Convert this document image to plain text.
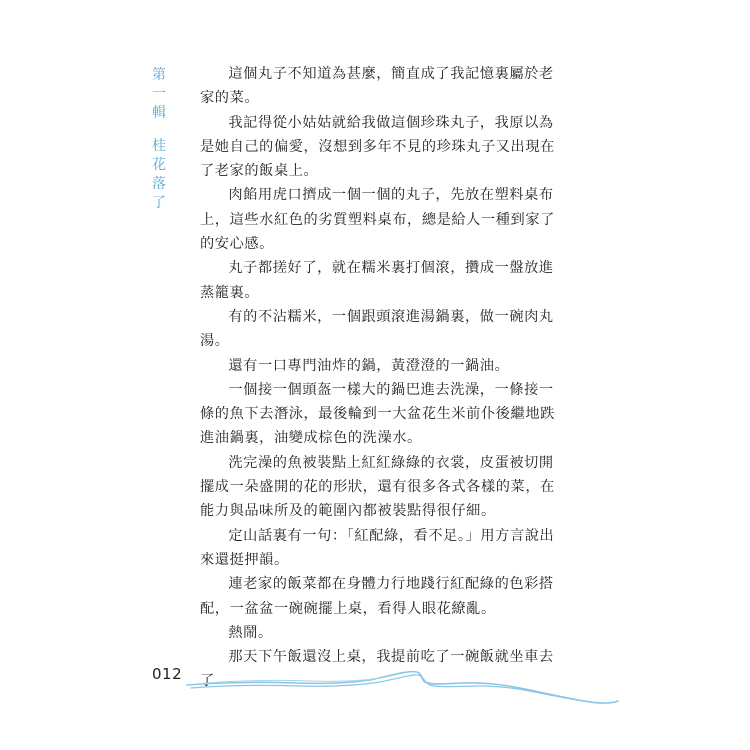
第
一
輯
桂
花
落
了

這個丸子不知道為甚麼，簡直成了我記憶裏屬於老家的菜。

我記得從小姑姑就給我做這個珍珠丸子，我原以為是她自己的偏愛，沒想到多年不見的珍珠丸子又出現在了老家的飯桌上。

肉餡用虎口擠成一個一個的丸子，先放在塑料桌布上，這些水紅色的劣質塑料桌布，總是給人一種到家了的安心感。

丸子都搓好了，就在糯米裏打個滾，攢成一盤放進蒸籠裏。

有的不沾糯米，一個跟頭滾進湯鍋裏，做一碗肉丸湯。

還有一口專門油炸的鍋，黃澄澄的一鍋油。

一個接一個頭盔一樣大的鍋巴進去洗澡，一條接一條的魚下去潛泳，最後輪到一大盆花生米前仆後繼地跌進油鍋裏，油變成棕色的洗澡水。

洗完澡的魚被裝點上紅紅綠綠的衣裳，皮蛋被切開擺成一朵盛開的花的形狀，還有很多各式各樣的菜，在能力與品味所及的範圍內都被裝點得很仔細。

定山話裏有一句：「紅配綠，看不足。」用方言說出來還挺押韻。

連老家的飯菜都在身體力行地踐行紅配綠的色彩搭配，一盆盆一碗碗擺上桌，看得人眼花繚亂。

熱鬧。

那天下午飯還沒上桌，我提前吃了一碗飯就坐車去了

012
